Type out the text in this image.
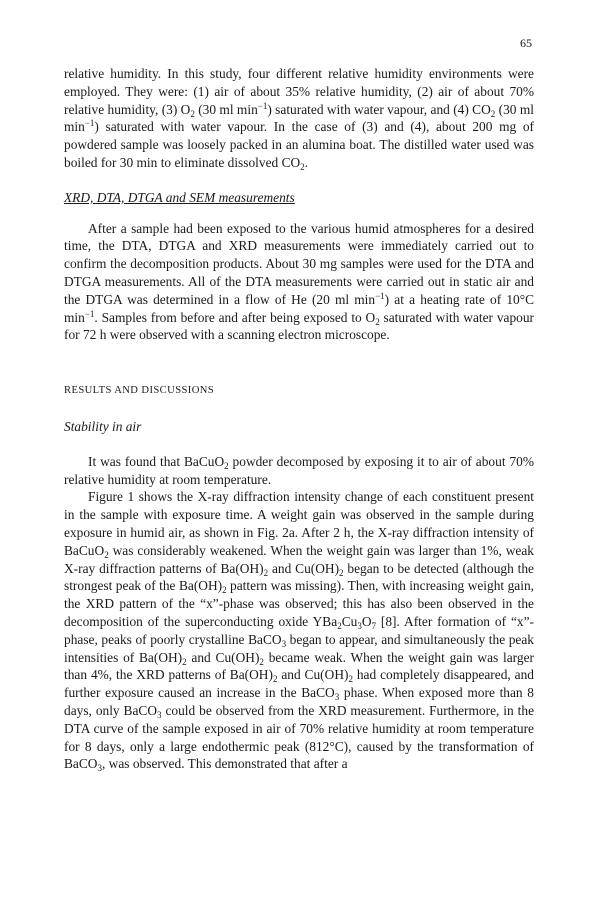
65

relative humidity. In this study, four different relative humidity environments were employed. They were: (1) air of about 35% relative humidity, (2) air of about 70% relative humidity, (3) $O_2$ (30 ml $\min^{-1}$) saturated with water vapour, and (4) $CO_2$ (30 ml $\min^{-1}$) saturated with water vapour. In the case of (3) and (4), about 200 mg of powdered sample was loosely packed in an alumina boat. The distilled water used was boiled for 30 min to eliminate dissolved $CO_2$.

XRD, DTA, DTGA and SEM measurements

After a sample had been exposed to the various humid atmospheres for a desired time, the DTA, DTGA and XRD measurements were immediately carried out to confirm the decomposition products. About 30 mg samples were used for the DTA and DTGA measurements. All of the DTA measurements were carried out in static air and the DTGA was determined in a flow of He (20 ml $\min^{-1}$) at a heating rate of 10°C $\min^{-1}$. Samples from before and after being exposed to $O_2$ saturated with water vapour for 72 h were observed with a scanning electron microscope.

RESULTS AND DISCUSSIONS

Stability in air

It was found that BaCuO$_2$ powder decomposed by exposing it to air of about 70% relative humidity at room temperature.

Figure 1 shows the X-ray diffraction intensity change of each constituent present in the sample with exposure time. A weight gain was observed in the sample during exposure in humid air, as shown in Fig. 2a. After 2 h, the X-ray diffraction intensity of BaCuO$_2$ was considerably weakened. When the weight gain was larger than 1%, weak X-ray diffraction patterns of $Ba(OH)_2$ and $Cu(OH)_2$ began to be detected (although the strongest peak of the $Ba(OH)_2$ pattern was missing). Then, with increasing weight gain, the XRD pattern of the “x”-phase was observed; this has also been observed in the decomposition of the superconducting oxide $YBa_2Cu_3O_7$ [8]. After formation of “x”-phase, peaks of poorly crystalline BaCO$_3$ began to appear, and simultaneously the peak intensities of $Ba(OH)_2$ and $Cu(OH)_2$ became weak. When the weight gain was larger than 4%, the XRD patterns of $Ba(OH)_2$ and $Cu(OH)_2$ had completely disappeared, and further exposure caused an increase in the BaCO$_3$ phase. When exposed more than 8 days, only BaCO$_3$ could be observed from the XRD measurement. Furthermore, in the DTA curve of the sample exposed in air of 70% relative humidity at room temperature for 8 days, only a large endothermic peak (812°C), caused by the transformation of BaCO$_3$, was observed. This demonstrated that after a
